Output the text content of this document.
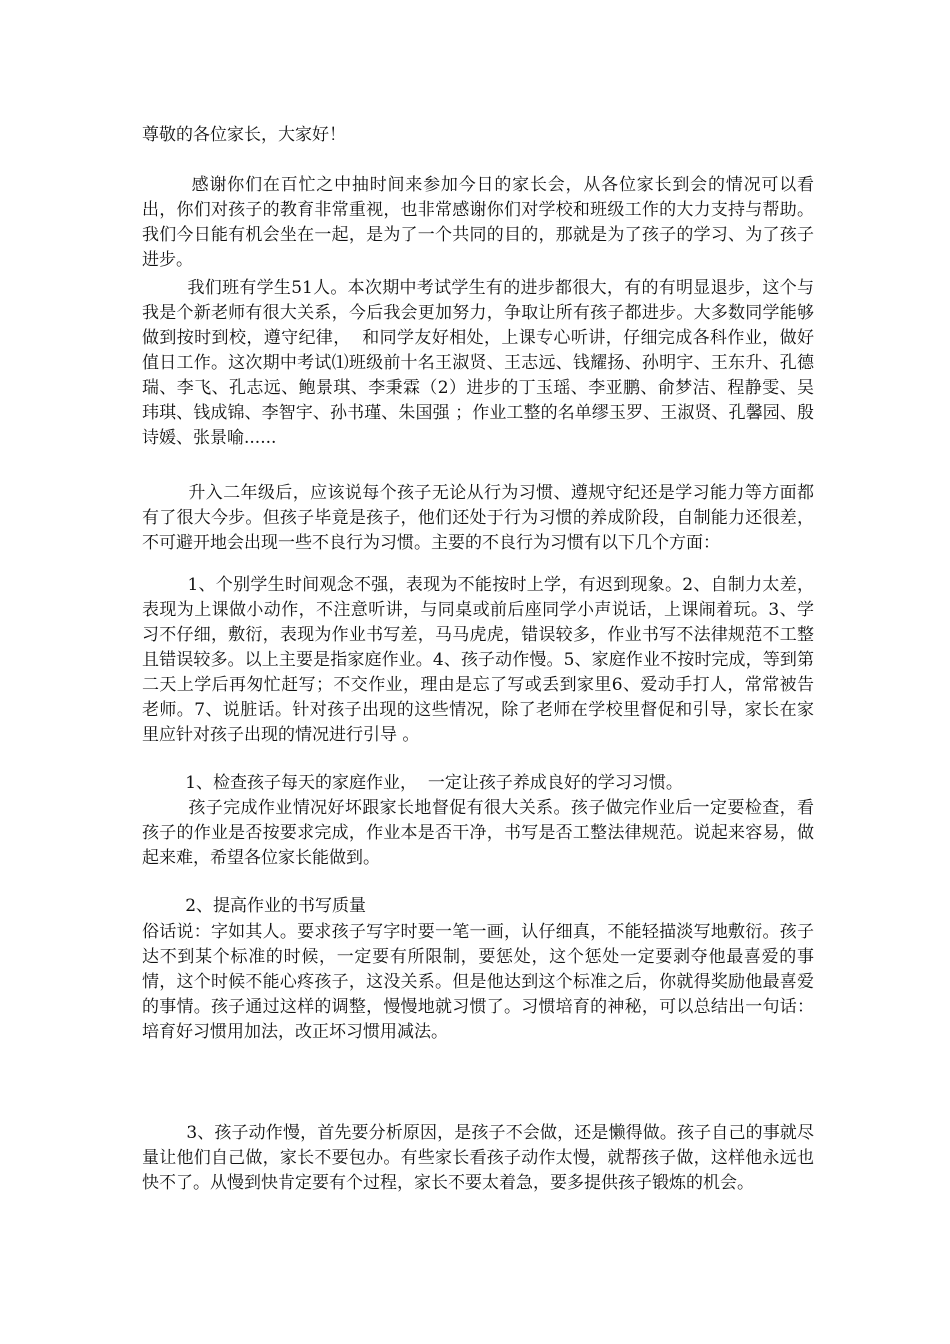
尊敬的各位家长，大家好！

感谢你们在百忙之中抽时间来参加今日的家长会，从各位家长到会的情况可以看出，你们对孩子的教育非常重视，也非常感谢你们对学校和班级工作的大力支持与帮助。我们今日能有机会坐在一起，是为了一个共同的目的，那就是为了孩子的学习、为了孩子进步。

我们班有学生51人。本次期中考试学生有的进步都很大，有的有明显退步，这个与我是个新老师有很大关系，今后我会更加努力，争取让所有孩子都进步。大多数同学能够做到按时到校，遵守纪律，  和同学友好相处，上课专心听讲，仔细完成各科作业，做好值日工作。这次期中考试⑴班级前十名王淑贤、王志远、钱耀扬、孙明宇、王东升、孔德瑞、李飞、孔志远、鲍景琪、李秉霖（2）进步的丁玉瑶、李亚鹏、俞梦洁、程静雯、吴玮琪、钱成锦、李智宇、孙书瑾、朱国强 ；作业工整的名单缪玉罗、王淑贤、孔馨园、殷诗媛、张景喻......

升入二年级后，应该说每个孩子无论从行为习惯、遵规守纪还是学习能力等方面都有了很大今步。但孩子毕竟是孩子，他们还处于行为习惯的养成阶段，自制能力还很差，不可避开地会出现一些不良行为习惯。主要的不良行为习惯有以下几个方面：

1、个别学生时间观念不强，表现为不能按时上学，有迟到现象。2、自制力太差，表现为上课做小动作，不注意听讲，与同桌或前后座同学小声说话，上课闹着玩。3、学习不仔细，敷衍，表现为作业书写差，马马虎虎，错误较多，作业书写不法律规范不工整且错误较多。以上主要是指家庭作业。4、孩子动作慢。5、家庭作业不按时完成，等到第二天上学后再匆忙赶写；不交作业，理由是忘了写或丢到家里6、爱动手打人，常常被告老师。7、说脏话。针对孩子出现的这些情况，除了老师在学校里督促和引导，家长在家里应针对孩子出现的情况进行引导 。

1、检查孩子每天的家庭作业，  一定让孩子养成良好的学习习惯。

孩子完成作业情况好坏跟家长地督促有很大关系。孩子做完作业后一定要检查，看孩子的作业是否按要求完成，作业本是否干净，书写是否工整法律规范。说起来容易，做起来难，希望各位家长能做到。

2、提高作业的书写质量

俗话说：字如其人。要求孩子写字时要一笔一画，认仔细真，不能轻描淡写地敷衍。孩子达不到某个标准的时候，一定要有所限制，要惩处，这个惩处一定要剥夺他最喜爱的事情，这个时候不能心疼孩子，这没关系。但是他达到这个标准之后，你就得奖励他最喜爱的事情。孩子通过这样的调整，慢慢地就习惯了。习惯培育的神秘，可以总结出一句话：培育好习惯用加法，改正坏习惯用减法。

3、孩子动作慢，首先要分析原因，是孩子不会做，还是懒得做。孩子自己的事就尽量让他们自己做，家长不要包办。有些家长看孩子动作太慢，就帮孩子做，这样他永远也快不了。从慢到快肯定要有个过程，家长不要太着急，要多提供孩子锻炼的机会。
